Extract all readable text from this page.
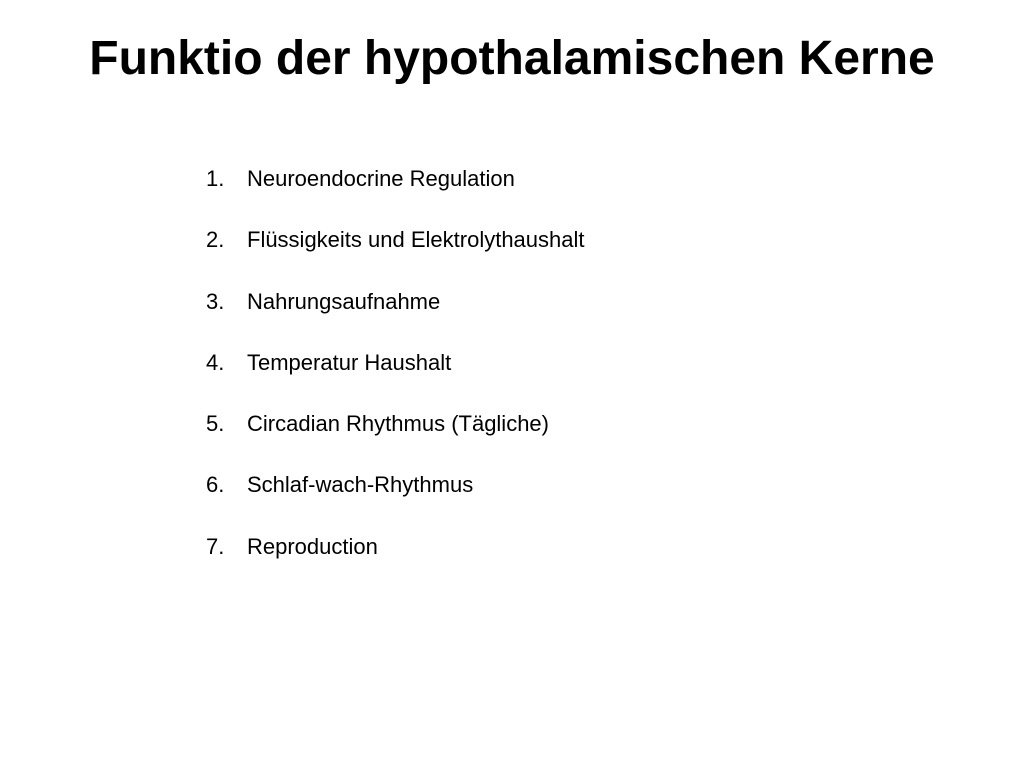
Funktio der hypothalamischen Kerne
1. Neuroendocrine Regulation
2. Flüssigkeits und Elektrolythaushalt
3. Nahrungsaufnahme
4. Temperatur Haushalt
5. Circadian Rhythmus (Tägliche)
6. Schlaf-wach-Rhythmus
7. Reproduction
